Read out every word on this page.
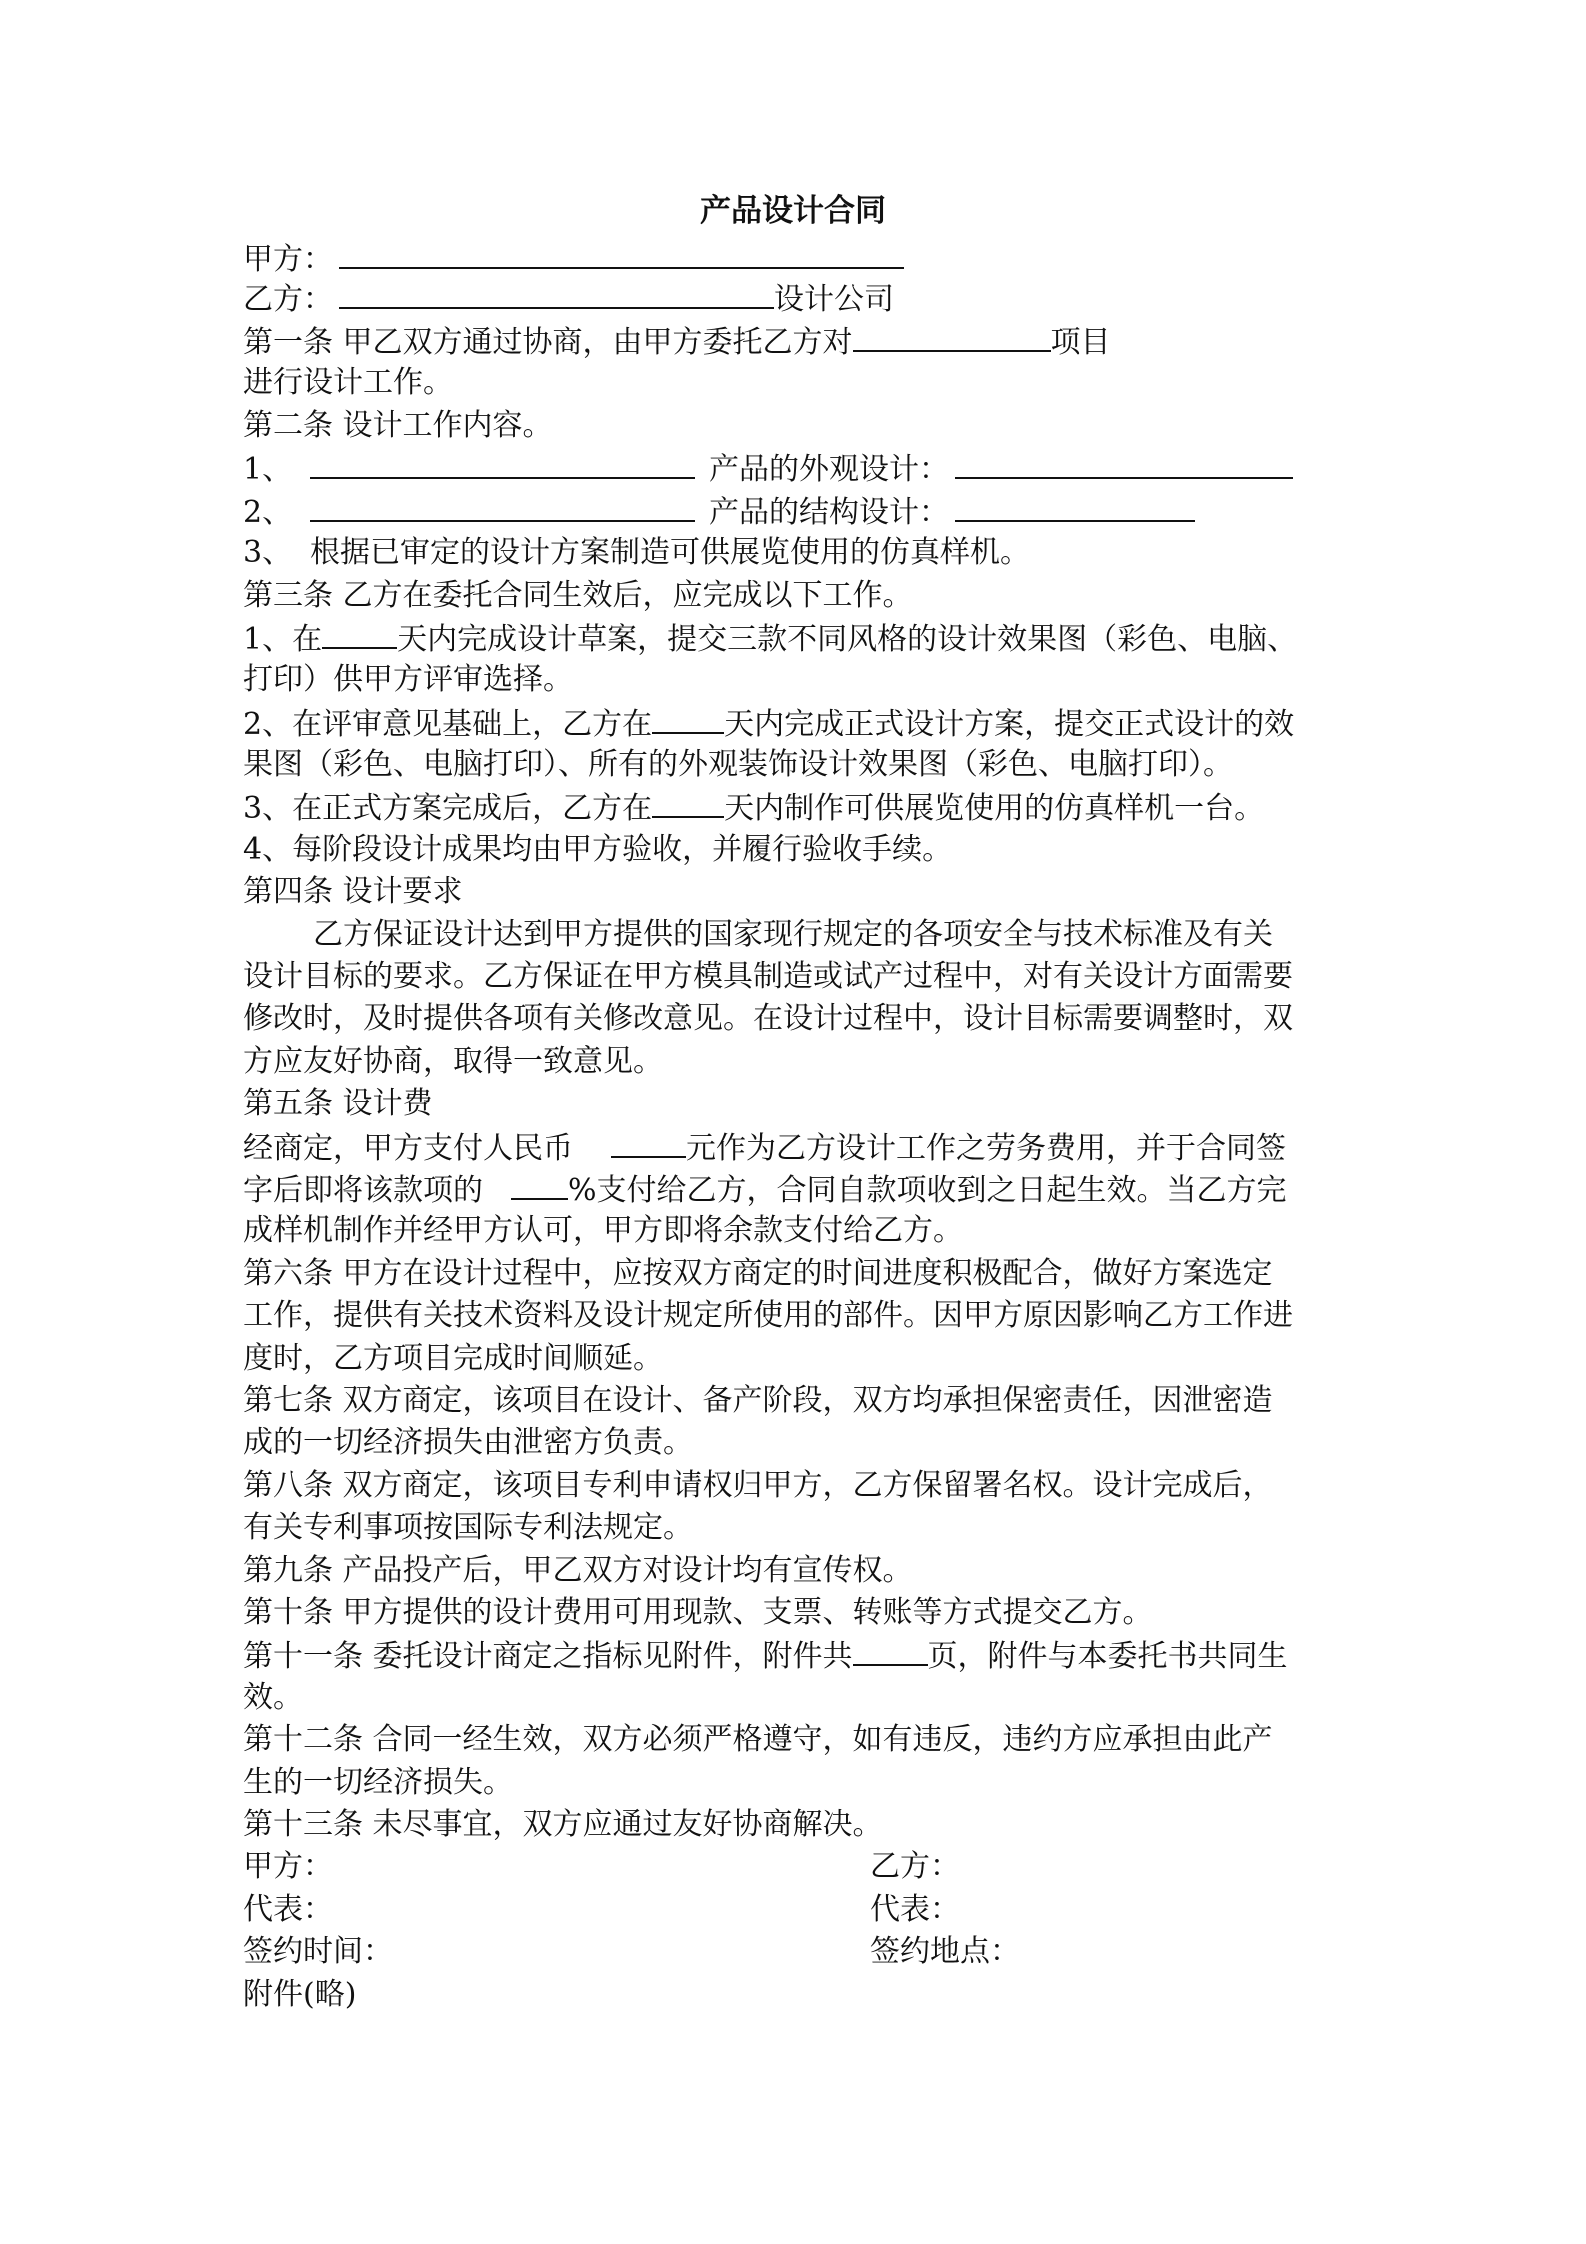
产品设计合同
甲方：
乙方：	设计公司
第一条 甲乙双方通过协商，由甲方委托乙方对	项目
进行设计工作。
第二条 设计工作内容。
1、	产品的外观设计：
2、	产品的结构设计：
3、 根据已审定的设计方案制造可供展览使用的仿真样机。
第三条 乙方在委托合同生效后，应完成以下工作。
1、在	天内完成设计草案，提交三款不同风格的设计效果图（彩色、电脑、
打印）供甲方评审选择。
2、在评审意见基础上，乙方在 天内完成正式设计方案，提交正式设计的效
果图（彩色、电脑打印）、所有的外观装饰设计效果图（彩色、电脑打印）。
3、在正式方案完成后，乙方在 天内制作可供展览使用的仿真样机一台。
4、每阶段设计成果均由甲方验收，并履行验收手续。
第四条 设计要求
乙方保证设计达到甲方提供的国家现行规定的各项安全与技术标准及有关
设计目标的要求。乙方保证在甲方模具制造或试产过程中，对有关设计方面需要
修改时，及时提供各项有关修改意见。在设计过程中，设计目标需要调整时，双
方应友好协商，取得一致意见。
第五条 设计费
经商定，甲方支付人民币	元作为乙方设计工作之劳务费用，并于合同签
字后即将该款项的	%支付给乙方，合同自款项收到之日起生效。当乙方完
成样机制作并经甲方认可，甲方即将余款支付给乙方。
第六条 甲方在设计过程中，应按双方商定的时间进度积极配合，做好方案选定
工作，提供有关技术资料及设计规定所使用的部件。因甲方原因影响乙方工作进
度时，乙方项目完成时间顺延。
第七条 双方商定，该项目在设计、备产阶段，双方均承担保密责任，因泄密造
成的一切经济损失由泄密方负责。
第八条 双方商定，该项目专利申请权归甲方，乙方保留署名权。设计完成后，
有关专利事项按国际专利法规定。
第九条 产品投产后，甲乙双方对设计均有宣传权。
第十条 甲方提供的设计费用可用现款、支票、转账等方式提交乙方。
第十一条 委托设计商定之指标见附件，附件共	页，附件与本委托书共同生
效。
第十二条 合同一经生效，双方必须严格遵守，如有违反，违约方应承担由此产
生的一切经济损失。
第十三条 未尽事宜，双方应通过友好协商解决。
甲方：	乙方：
代表：	代表：
签约时间：	签约地点：
附件(略)
